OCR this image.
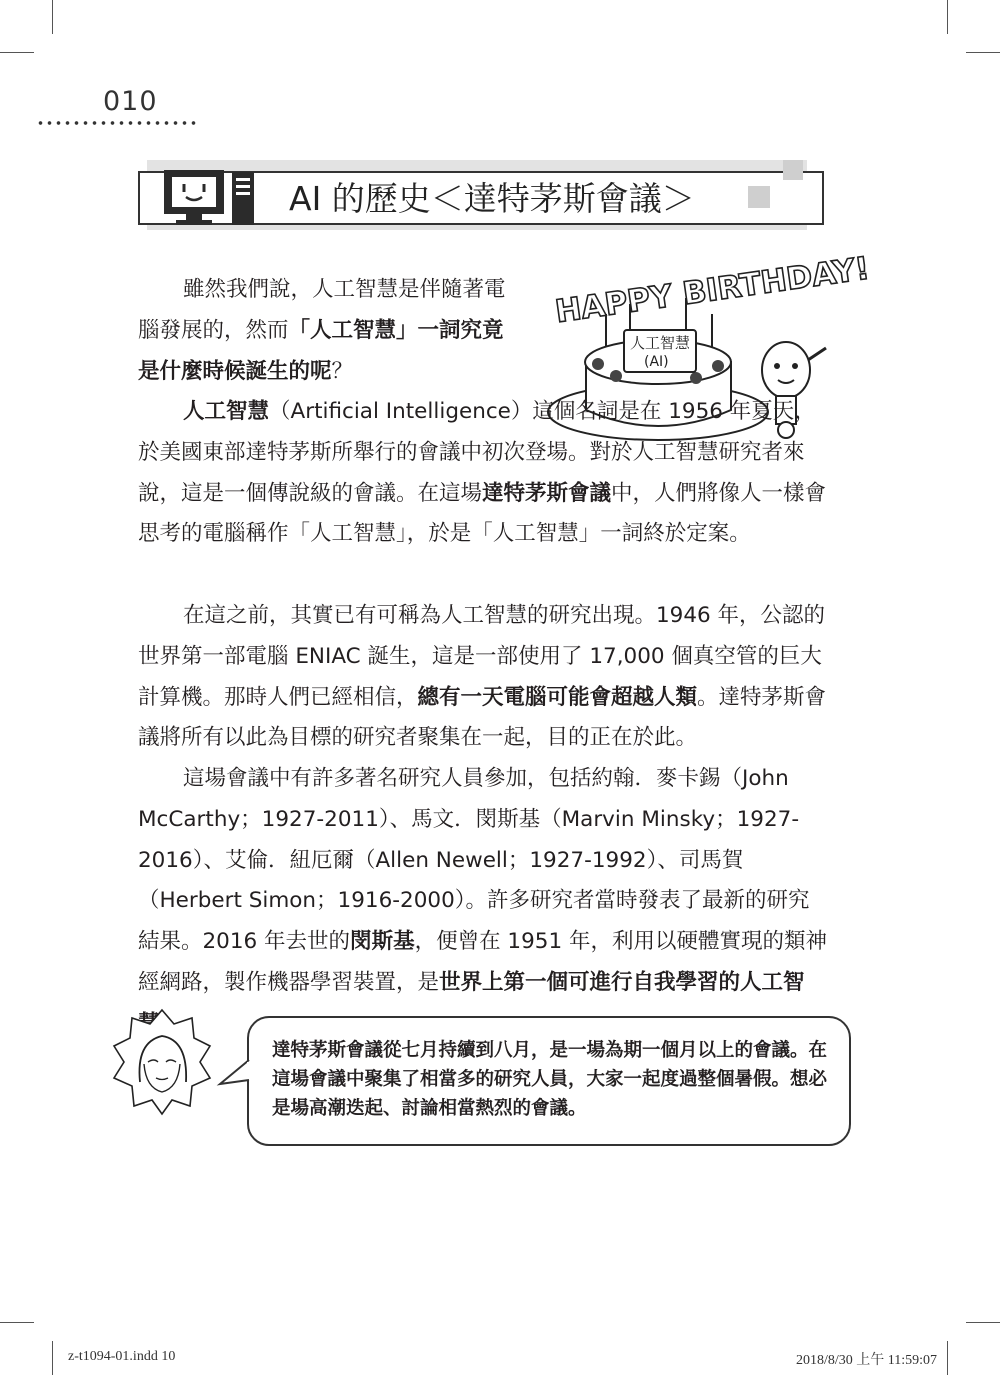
010
AI 的歷史＜達特茅斯會議＞
HAPPY BIRTHDAY!
人工智慧
(AI)

雖然我們說，人工智慧是伴隨著電腦發展的，然而「人工智慧」一詞究竟是什麼時候誕生的呢？

人工智慧（Artificial Intelligence）這個名詞是在 1956 年夏天，於美國東部達特茅斯所舉行的會議中初次登場。對於人工智慧研究者來說，這是一個傳說級的會議。在這場達特茅斯會議中，人們將像人一樣會思考的電腦稱作「人工智慧」，於是「人工智慧」一詞終於定案。

在這之前，其實已有可稱為人工智慧的研究出現。1946 年，公認的世界第一部電腦 ENIAC 誕生，這是一部使用了 17,000 個真空管的巨大計算機。那時人們已經相信，總有一天電腦可能會超越人類。達特茅斯會議將所有以此為目標的研究者聚集在一起，目的正在於此。

這場會議中有許多著名研究人員參加，包括約翰．麥卡錫（John McCarthy；1927-2011）、馬文．閔斯基（Marvin Minsky；1927-2016）、艾倫．紐厄爾（Allen Newell；1927-1992）、司馬賀（Herbert Simon；1916-2000）。許多研究者當時發表了最新的研究結果。2016 年去世的閔斯基，便曾在 1951 年，利用以硬體實現的類神經網路，製作機器學習裝置，是世界上第一個可進行自我學習的人工智

達特茅斯會議從七月持續到八月，是一場為期一個月以上的會議。在這場會議中聚集了相當多的研究人員，大家一起度過整個暑假。想必是場高潮迭起、討論相當熱烈的會議。

z-t1094-01.indd 10	2018/8/30 上午 11:59:07
